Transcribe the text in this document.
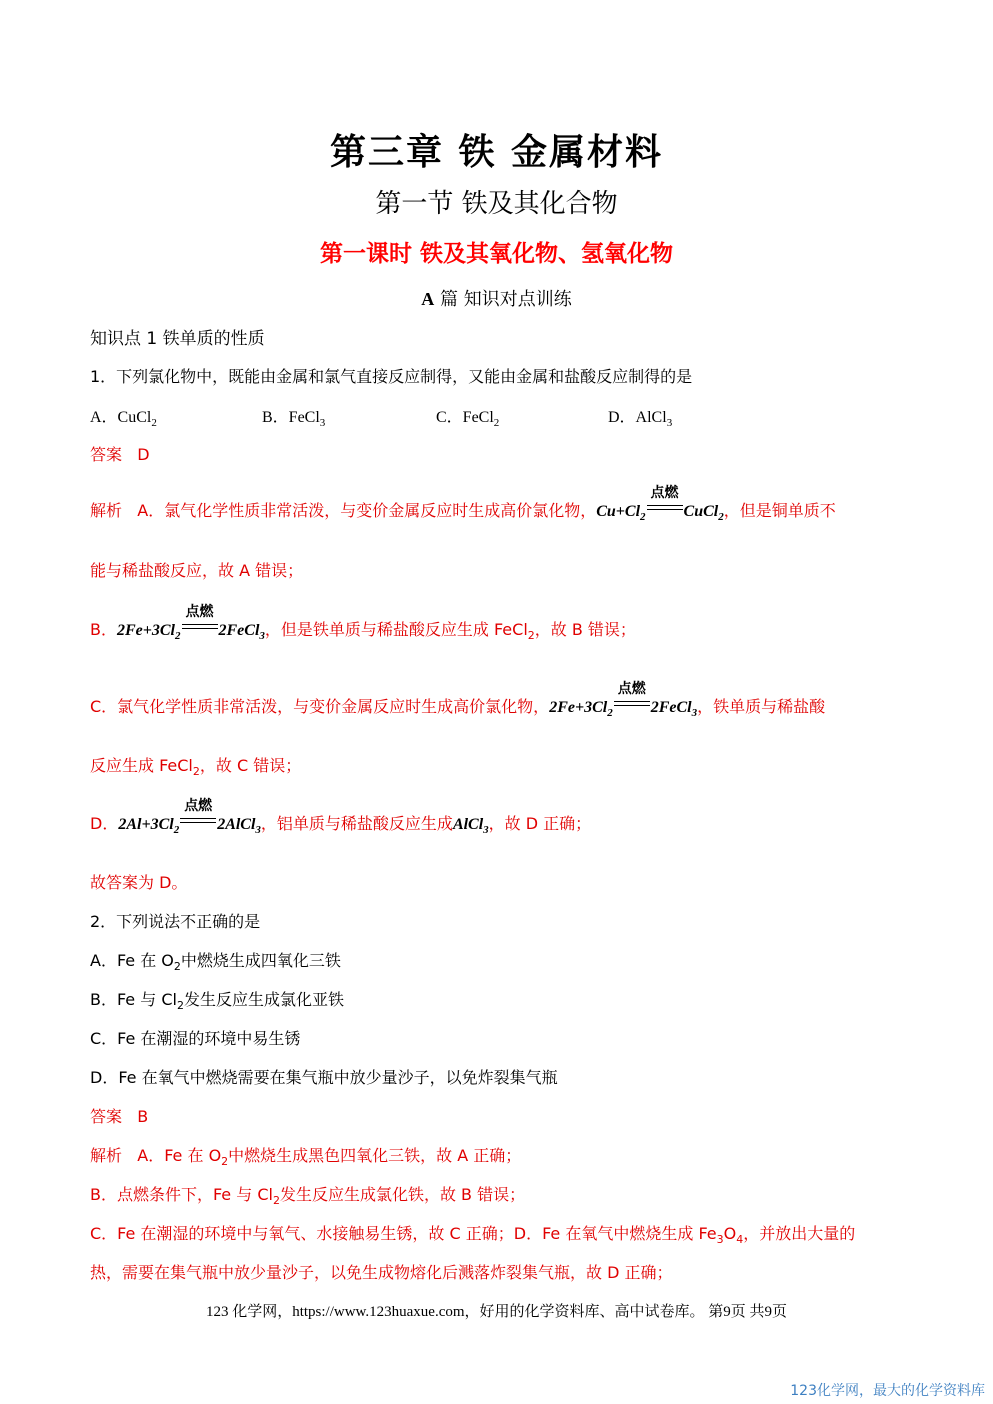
第三章 铁 金属材料
第一节 铁及其化合物
第一课时 铁及其氧化物、氢氧化物
A 篇 知识对点训练
知识点 1 铁单质的性质
1．下列氯化物中，既能由金属和氯气直接反应制得，又能由金属和盐酸反应制得的是
A．CuCl$_2$	B．FeCl$_3$	C．FeCl$_2$	D．AlCl$_3$
答案 D
解析 A．氯气化学性质非常活泼，与变价金属反应时生成高价氯化物，$Cu+Cl_2$
点燃
CuCl$_2$，但是铜单质不
能与稀盐酸反应，故 A 错误；
B．$2Fe+3Cl_2$
点燃
2FeCl$_3$，但是铁单质与稀盐酸反应生成 FeCl$_2$，故 B 错误；
C．氯气化学性质非常活泼，与变价金属反应时生成高价氯化物，$2Fe+3Cl_2$
点燃
2FeCl$_3$，铁单质与稀盐酸
反应生成 FeCl$_2$，故 C 错误；
D．$2Al+3Cl_2$
点燃
2AlCl$_3$，铝单质与稀盐酸反应生成AlCl$_3$，故 D 正确；
故答案为 D。
2．下列说法不正确的是
A．Fe 在 $O_2$中燃烧生成四氧化三铁
B．Fe 与 $Cl_2$发生反应生成氯化亚铁
C．Fe 在潮湿的环境中易生锈
D．Fe 在氧气中燃烧需要在集气瓶中放少量沙子，以免炸裂集气瓶
答案 B
解析 A．Fe 在 $O_2$中燃烧生成黑色四氧化三铁，故 A 正确；
B．点燃条件下，Fe 与 $Cl_2$发生反应生成氯化铁，故 B 错误；
C．Fe 在潮湿的环境中与氧气、水接触易生锈，故 C 正确；D．Fe 在氧气中燃烧生成 $Fe_3O_4$，并放出大量的
热，需要在集气瓶中放少量沙子，以免生成物熔化后溅落炸裂集气瓶，故 D 正确；
123 化学网，https://www.123huaxue.com，好用的化学资料库、高中试卷库。 第9页 共9页
123化学网，最大的化学资料库
